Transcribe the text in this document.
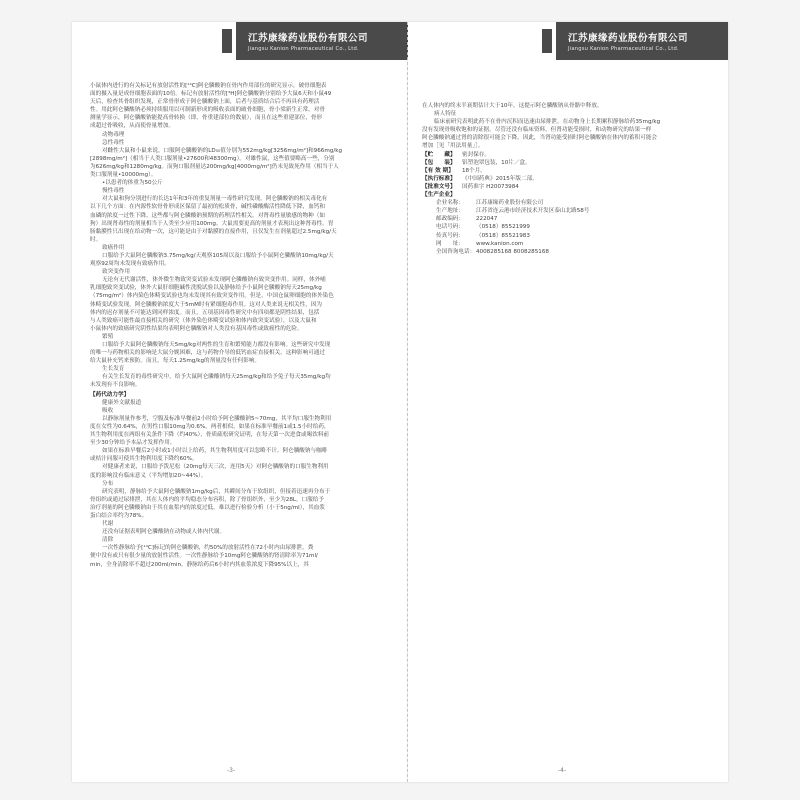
江苏康缘药业股份有限公司
Jiangsu Kanion Pharmaceutical Co., Ltd.

小鼠体内进行的有关标记有放射活性的[¹⁴C]阿仑膦酸钠在骨内作用部位的研究显示，破骨细胞表

面的摄入量是成骨细胞表面的10倍。标记有放射活性的[³H]阿仑膦酸钠分别给予大鼠6天和小鼠49

天后，检查其骨组织发现，正常骨形成于阿仑膦酸钠上面，后者与基质结合后不再具有药理活

性。用此阿仑膦酸钠必须持续服用以可制新形成的吸收表面的破骨细胞，骨小梁新生正常，对骨

测量学显示，阿仑膦酸钠能提高骨转换（即，骨重建部位的数量），而且在这些重建部位，骨形

成超过骨吸收，从而使骨量增加。

动物毒理

急性毒性

对雌性大鼠和小鼠来说，口服阿仑膦酸钠的LD₅₀值分别为552mg/kg[3256mg/m²]和966mg/kg

[2898mg/m²]（相当于人类口服剂量•27600和48300mg）。对雄性鼠，这些值要略高一些，分别

为626mg/kg和1280mg/kg。而狗口服剂量达200mg/kg[4000mg/m²]仍未见致死作用（相当于人

类口服剂量•10000mg）。

•以患者的体重为50公斤

慢性毒性

对大鼠和狗分别进行的长达1年和3年的重复剂量一毒性研究发现，阿仑膦酸钠的相关毒化有

以下几个方面：在内源性软骨骨形成区保留了最初的松质骨，碱性磷酸酶活性降低下降，血钙和

血磷的浓度一过性下降。这些都与阿仑膦酸钠预期的药理活性相关。对肾毒性量敏感的物种（如

狗）出现肾毒性的剂量相当于人类至少应用100mg。大鼠需要更高的剂量才表现出这种肾毒性。胃

肠黏膜性只出现在给动物一次，这可能是由于对黏膜的直接作用，且仅发生在剂量超过2.5mg/kg/天

时。

致癌作用

口服给予大鼠阿仑膦酸钠3.75mg/kg/天观察105周以及口服给予小鼠阿仑膦酸钠10mg/kg/天

观察92周均未发现有致癌作用。

致突变作用

无论有无代谢活性，体外微生物致突变试验未发现阿仑膦酸钠有致突变作用。同样，体外哺

乳细胞致突变试验，体外大鼠肝细胞碱性洗脱试验以及静脉给予小鼠阿仑膦酸钠每天25mg/kg

（75mg/m²）体内染色体畸变试验也均未发现其有致突变作用。但是，中国仓鼠卵细胞的体外染色

体畸变试验发现，阿仑膦酸钠浓度大于5mM时有紧细胞毒作用。这对人类来说无相关性，因为

体内的迟存剂量不可能达到同样浓度。而且，五项基因毒性研究中有四项都是阴性结果，包括

与人类致癌可能性最直接相关的研究（体外染色体畸变试验和体内致突变试验），以及大鼠和

小鼠体内的致癌研究阴性结果均表明阿仑膦酸钠对人类没有基因毒性或致癌性的危险。

繁殖

口服给予大鼠阿仑膦酸钠每天5mg/kg对两性的生育和繁殖能力都没有影响。这些研究中发现

的唯一与药物相关的影响是大鼠分娩困难，这与药物介导的低钙血症直接相关。这种影响可通过

给大鼠补充钙来预防。而且，每天1.25mg/kg的剂量没有任何影响。

生长发育

有关生长发育的毒性研究中，给予大鼠阿仑膦酸钠每天25mg/kg和给予兔子每天35mg/kg均

未发现有不良影响。

【药代动力学】

健康外文献报道

吸收

以静脉剂量作参考，空腹及标准早餐前2小时给予阿仑膦酸钠5~70mg，其平均口服生物利用

度在女性为0.64%，在男性口服10mg为0.6%。两者相似。如果在标准早餐前1或1.5小时给药，

其生物利用度在两组有关条件下降（约40%），骨质疏松研究证明，在每天第一次进食或喝饮料前

至少30分钟给予本品才发挥作用。

如果在标准早餐后2小时或1小时以上给药，其生物利用度可以忽略不计。阿仑膦酸钠与咖啡

或桔汁同服可使其生物利用度下降约60%。

对健康者来说，口服给予泼尼松（20mg每天三次，连用5天）对阿仑膦酸钠的口服生物利用

度的影响没有临床意义（平均增加20~44%）。

分布

研究表明，静脉给予大鼠阿仑膦酸钠1mg/kg后，其瞬间分布于软组织，但接着迅速再分布于

骨组织或通过尿排泄，其在人体内的平均稳态分布容积，除了骨组织外，至少为28L。口服给予

治疗剂量的阿仑膦酸钠由于其在血浆内的浓度过低，难以进行检验分析（小于5ng/ml），其血浆

蛋白结合率约为78%。

代谢

还没有证据表明阿仑膦酸钠在动物或人体内代谢。

清除

一次性静脉给予[¹⁴C]标记的阿仑膦酸钠，约50%的放射活性在72小时内由尿排泄，粪

便中没有或只有很少量的放射性活性。一次性静脉给予10mg阿仑膦酸钠的肾清除率为71ml/

min，全身清除率不超过200ml/min。静脉给药后6小时内其血浆浓度下降95%以上，其

-3-
江苏康缘药业股份有限公司
Jiangsu Kanion Pharmaceutical Co., Ltd.

在人体内的终末半衰期估计大于10年，这提示阿仑膦酸钠从骨骼中释放。

病人特征

临床前研究表明此药不在骨内沉积而迅速由尿排泄。在动物身上长期累积静脉给药35mg/kg

没有发现骨吸收饱和的证据。尽管还没有临床资料，但肾功能受损时，和动物研究的结果一样

阿仑膦酸钠通过肾的清除很可能会下降。因此，当肾功能受损时阿仑膦酸钠在体内的蓄积可能会

增加［见「用法用量」］。

【贮　　藏】	密封保存。
【包　　装】	铝塑泡罩包装，10片／盒。
【有 效 期】	18个月。
【执行标准】	《中国药典》2015年版二部。
【批准文号】	国药准字 H20073984
【生产企业】
企业名称：	江苏康缘药业股份有限公司
生产地址：	江苏省连云港市经济技术开发区泰山北路58号
邮政编码：	222047
电话号码：	（0518）85521999
传真号码：	（0518）85521983
网　　址：	www.kanion.com
全国咨询电话： 4008285168 8008285168
-4-
